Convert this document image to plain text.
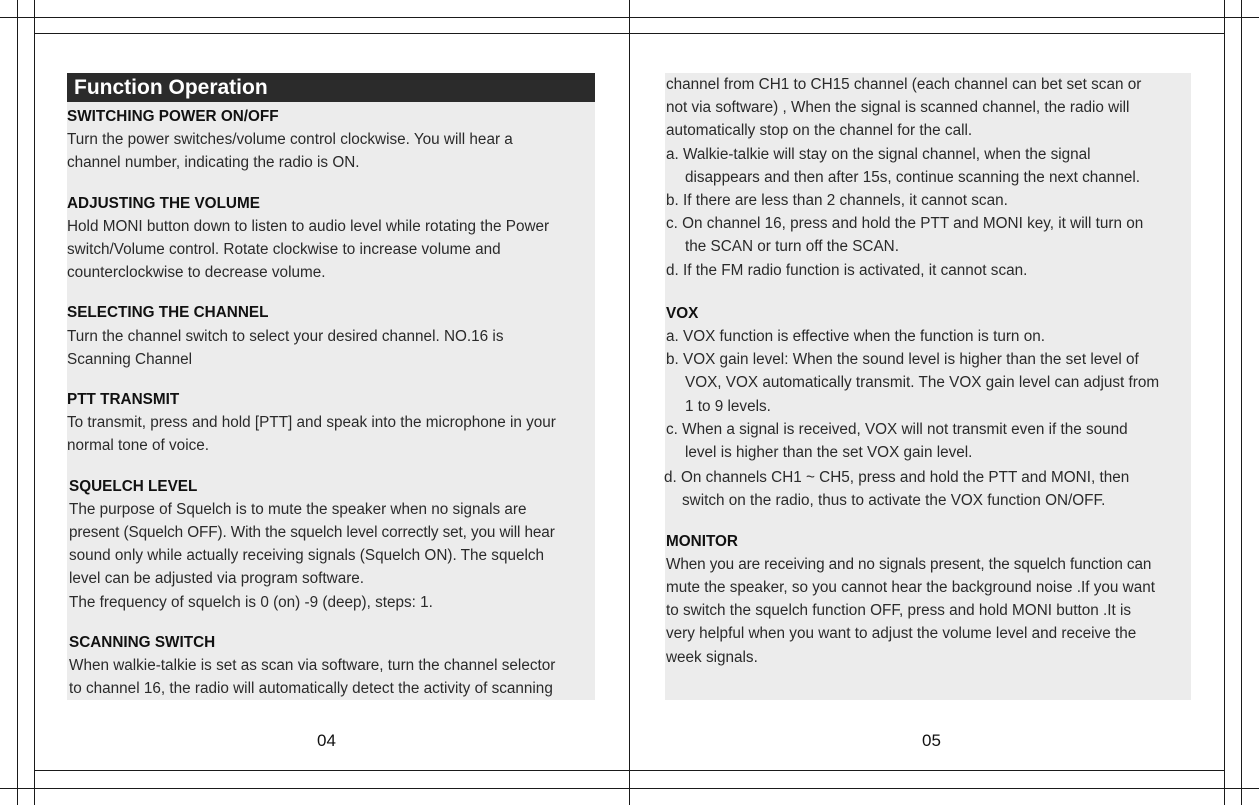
Function Operation
SWITCHING POWER ON/OFF
Turn the power switches/volume control clockwise. You will hear a
channel number, indicating the radio is ON.
ADJUSTING THE VOLUME
Hold MONI button down to listen to audio level while rotating the Power
switch/Volume control. Rotate clockwise to increase volume and
counterclockwise to decrease volume.
SELECTING THE CHANNEL
Turn the channel switch to select your desired channel. NO.16 is
Scanning Channel
PTT TRANSMIT
To transmit, press and hold [PTT] and speak into the microphone in your
normal tone of voice.
SQUELCH LEVEL
The purpose of Squelch is to mute the speaker when no signals are
present (Squelch OFF). With the squelch level correctly set, you will hear
sound only while actually receiving signals (Squelch ON). The squelch
level can be adjusted via program software.
The frequency of squelch is 0 (on) -9 (deep), steps: 1.
SCANNING SWITCH
When walkie-talkie is set as scan via software, turn the channel selector
to channel 16, the radio will automatically detect the activity of scanning
04
channel from CH1 to CH15 channel (each channel can bet set scan or
not via software) , When the signal is scanned channel, the radio will
automatically stop on the channel for the call.
a. Walkie-talkie will stay on the signal channel, when the signal
disappears and then after 15s, continue scanning the next channel.
b. If there are less than 2 channels, it cannot scan.
c. On channel 16, press and hold the PTT and MONI key, it will turn on
the SCAN or turn off the SCAN.
d. If the FM radio function is activated, it cannot scan.
VOX
a. VOX function is effective when the function is turn on.
b. VOX gain level: When the sound level is higher than the set level of
VOX, VOX automatically transmit. The VOX gain level can adjust from
1 to 9 levels.
c. When a signal is received, VOX will not transmit even if the sound
level is higher than the set VOX gain level.
d. On channels CH1 ~ CH5, press and hold the PTT and MONI, then
switch on the radio, thus to activate the VOX function ON/OFF.
MONITOR
When you are receiving and no signals present, the squelch function can
mute the speaker, so you cannot hear the background noise .If you want
to switch the squelch function OFF, press and hold MONI button .It is
very helpful when you want to adjust the volume level and receive the
week signals.
05
